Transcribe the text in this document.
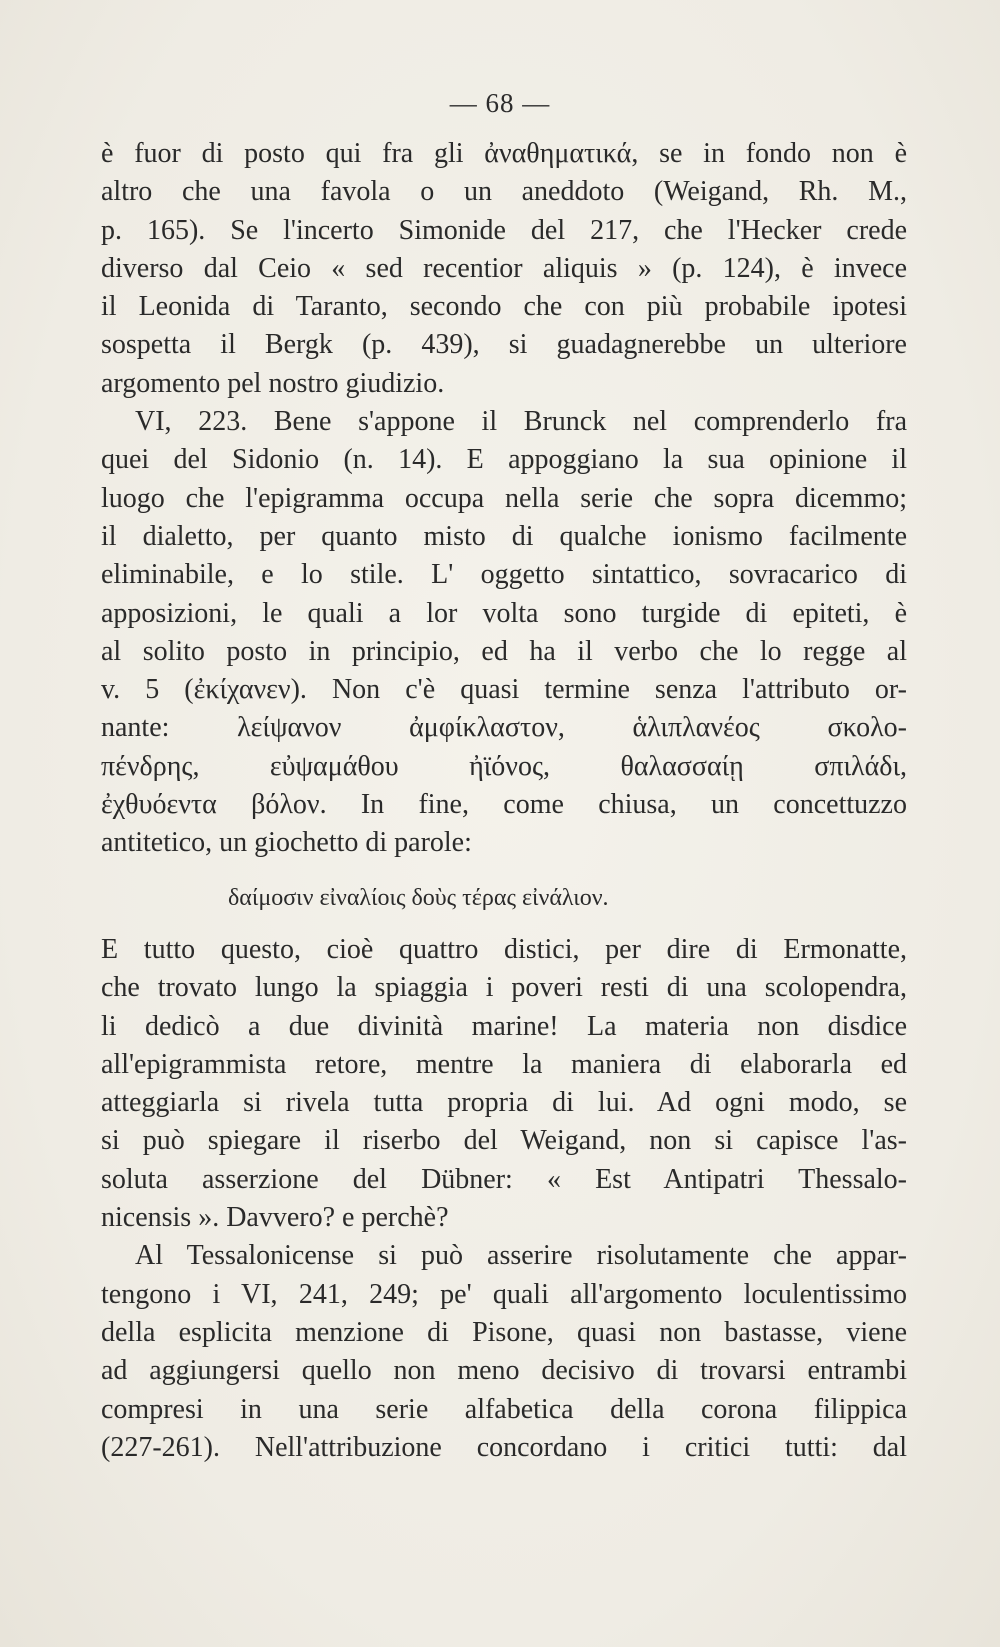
— 68 —
è fuor di posto qui fra gli ἀναθηματικά, se in fondo non è
altro che una favola o un aneddoto (Weigand, Rh. M.,
p. 165). Se l'incerto Simonide del 217, che l'Hecker crede
diverso dal Ceio « sed recentior aliquis » (p. 124), è invece
il Leonida di Taranto, secondo che con più probabile ipotesi
sospetta il Bergk (p. 439), si guadagnerebbe un ulteriore
argomento pel nostro giudizio.
VI, 223. Bene s'appone il Brunck nel comprenderlo fra
quei del Sidonio (n. 14). E appoggiano la sua opinione il
luogo che l'epigramma occupa nella serie che sopra dicemmo;
il dialetto, per quanto misto di qualche ionismo facilmente
eliminabile, e lo stile. L' oggetto sintattico, sovracarico di
apposizioni, le quali a lor volta sono turgide di epiteti, è
al solito posto in principio, ed ha il verbo che lo regge al
v. 5 (ἐκίχανεν). Non c'è quasi termine senza l'attributo or-
nante: λείψανον ἀμφίκλαστον, ἁλιπλανέος σκολο-
πένδρης, εὐψαμάθου ἠϊόνος, θαλασσαίῃ σπιλάδι,
ἐχθυόεντα βόλον. In fine, come chiusa, un concettuzzo
antitetico, un giochetto di parole:
δαίμοσιν εἰναλίοις δοὺς τέρας εἰνάλιον.
E tutto questo, cioè quattro distici, per dire di Ermonatte,
che trovato lungo la spiaggia i poveri resti di una scolopendra,
li dedicò a due divinità marine! La materia non disdice
all'epigrammista retore, mentre la maniera di elaborarla ed
atteggiarla si rivela tutta propria di lui. Ad ogni modo, se
si può spiegare il riserbo del Weigand, non si capisce l'as-
soluta asserzione del Dübner: « Est Antipatri Thessalo-
nicensis ». Davvero? e perchè?
Al Tessalonicense si può asserire risolutamente che appar-
tengono i VI, 241, 249; pe' quali all'argomento loculentissimo
della esplicita menzione di Pisone, quasi non bastasse, viene
ad aggiungersi quello non meno decisivo di trovarsi entrambi
compresi in una serie alfabetica della corona filippica
(227-261). Nell'attribuzione concordano i critici tutti: dal
